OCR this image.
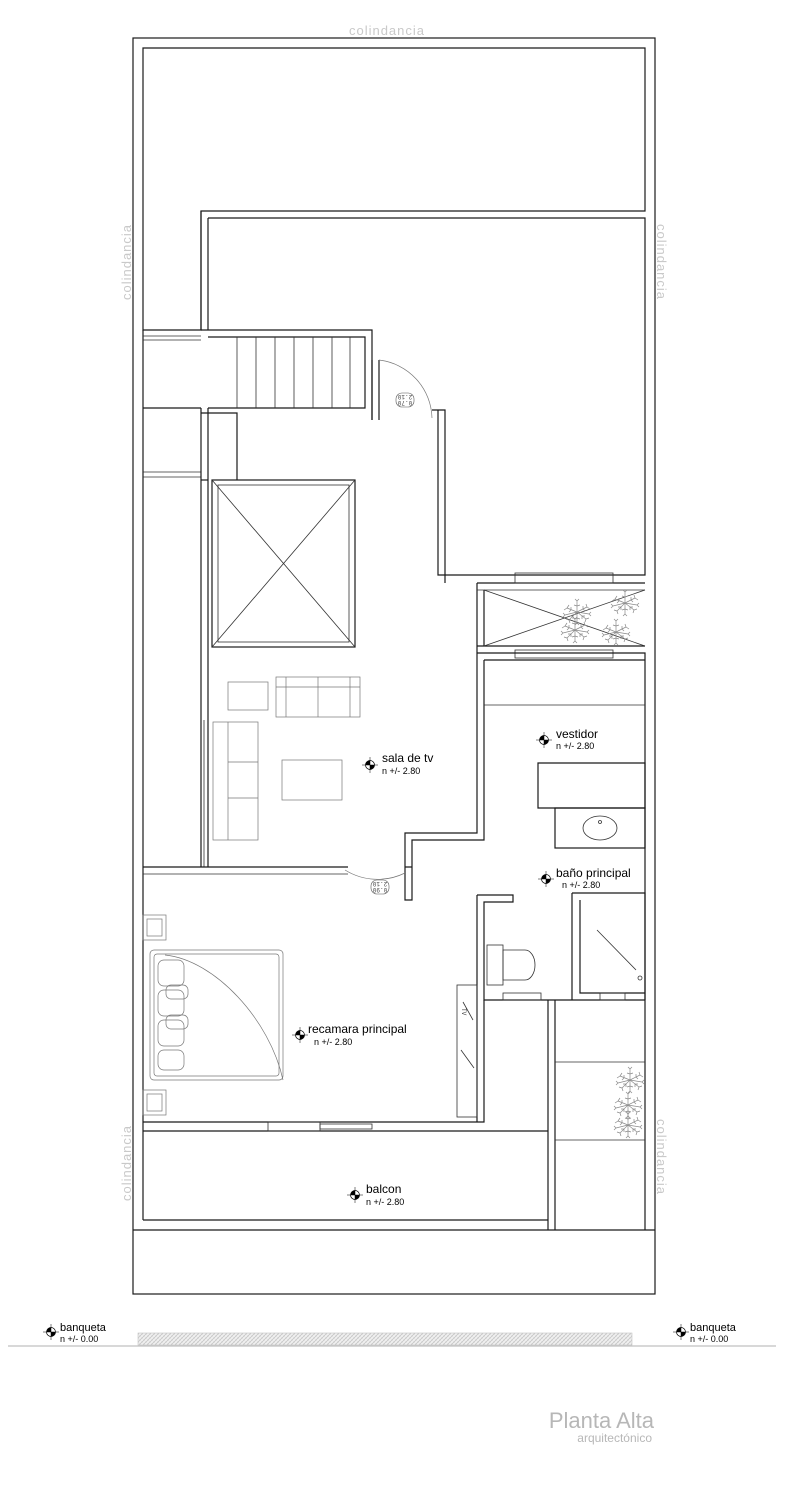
0.70
2.10
0.90
2.10
TV
sala de tv
n +/- 2.80
vestidor
n +/- 2.80
baño principal
n +/- 2.80
recamara principal
n +/- 2.80
balcon
n +/- 2.80
colindancia
colindancia
colindancia
colindancia
colindancia
banqueta
n +/- 0.00
banqueta
n +/- 0.00
Planta Alta
arquitectónico
